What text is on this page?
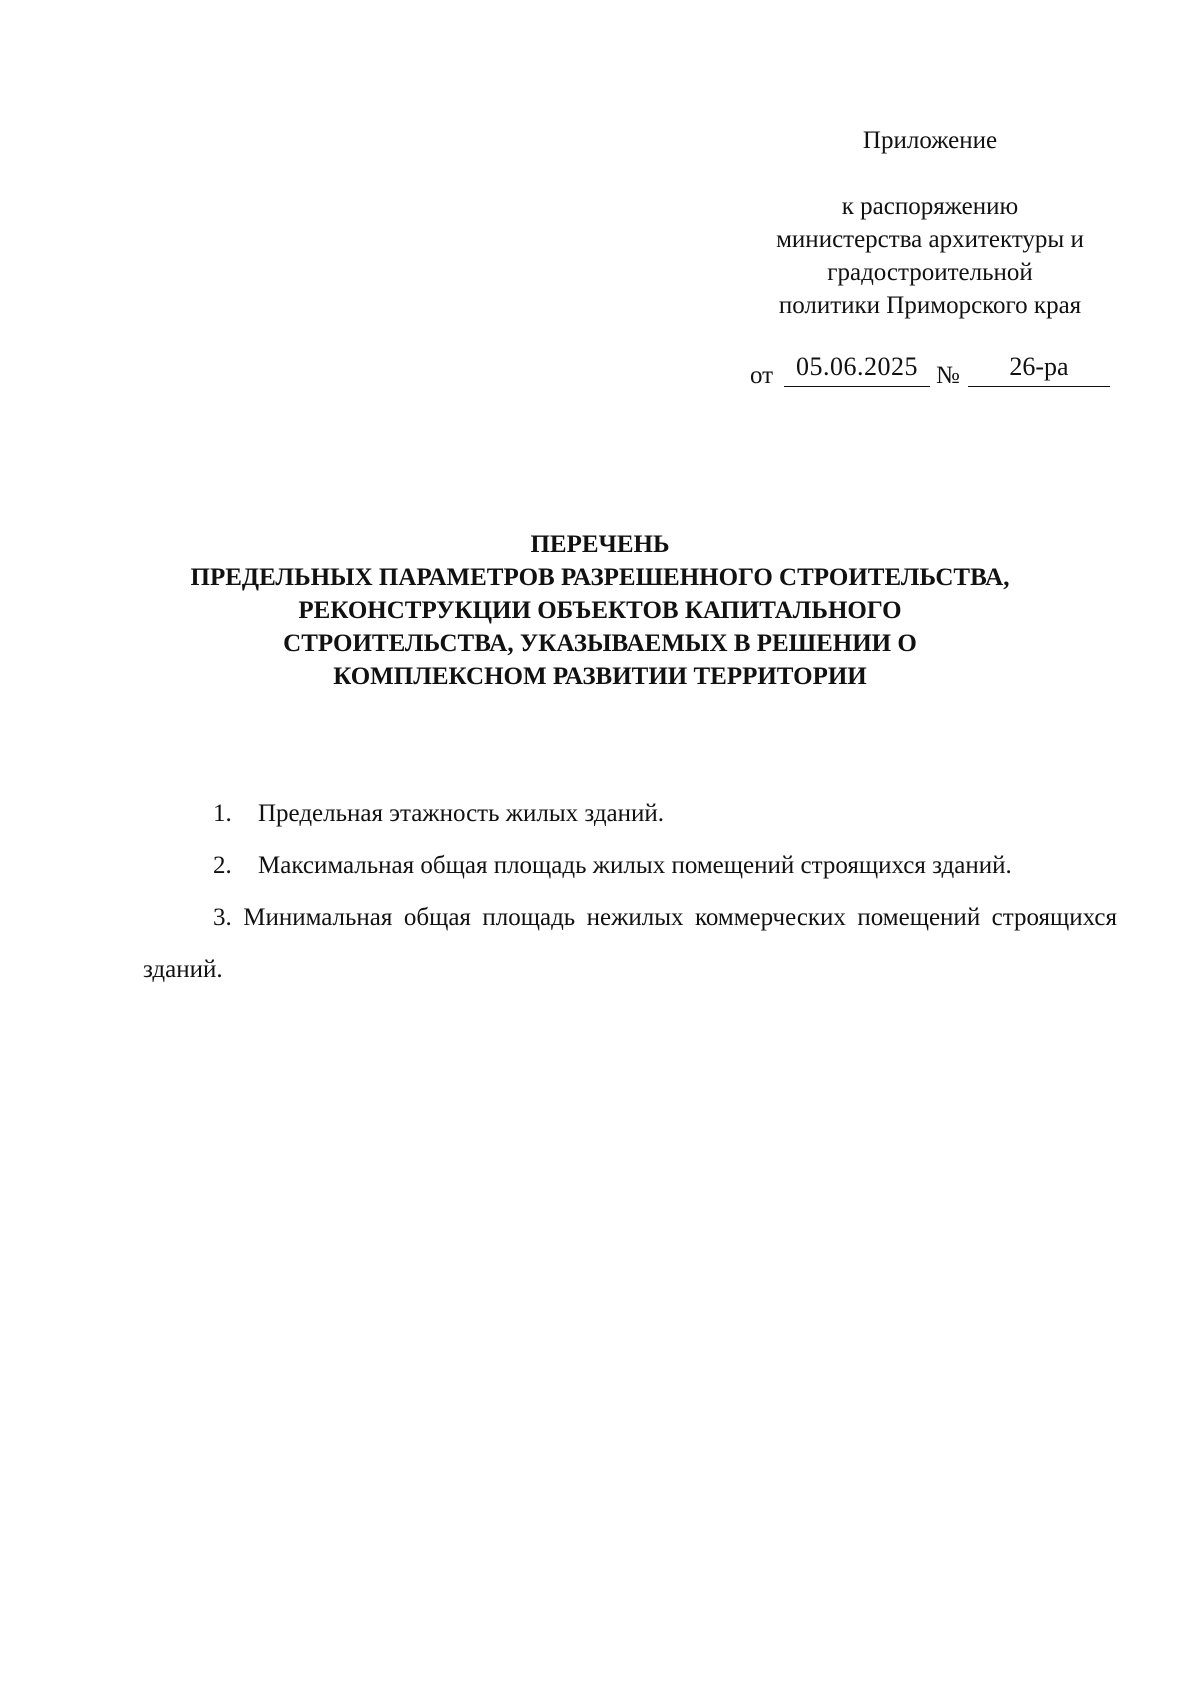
Приложение
к распоряжению
министерства архитектуры и
градостроительной
политики Приморского края
от 05.06.2025 №	26-ра
ПЕРЕЧЕНЬ
ПРЕДЕЛЬНЫХ ПАРАМЕТРОВ РАЗРЕШЕННОГО СТРОИТЕЛЬСТВА,
РЕКОНСТРУКЦИИ ОБЪЕКТОВ КАПИТАЛЬНОГО
СТРОИТЕЛЬСТВА, УКАЗЫВАЕМЫХ В РЕШЕНИИ О
КОМПЛЕКСНОМ РАЗВИТИИ ТЕРРИТОРИИ
1. Предельная этажность жилых зданий.
2. Максимальная общая площадь жилых помещений строящихся зданий.
3. Минимальная общая площадь нежилых коммерческих помещений строящихся зданий.
